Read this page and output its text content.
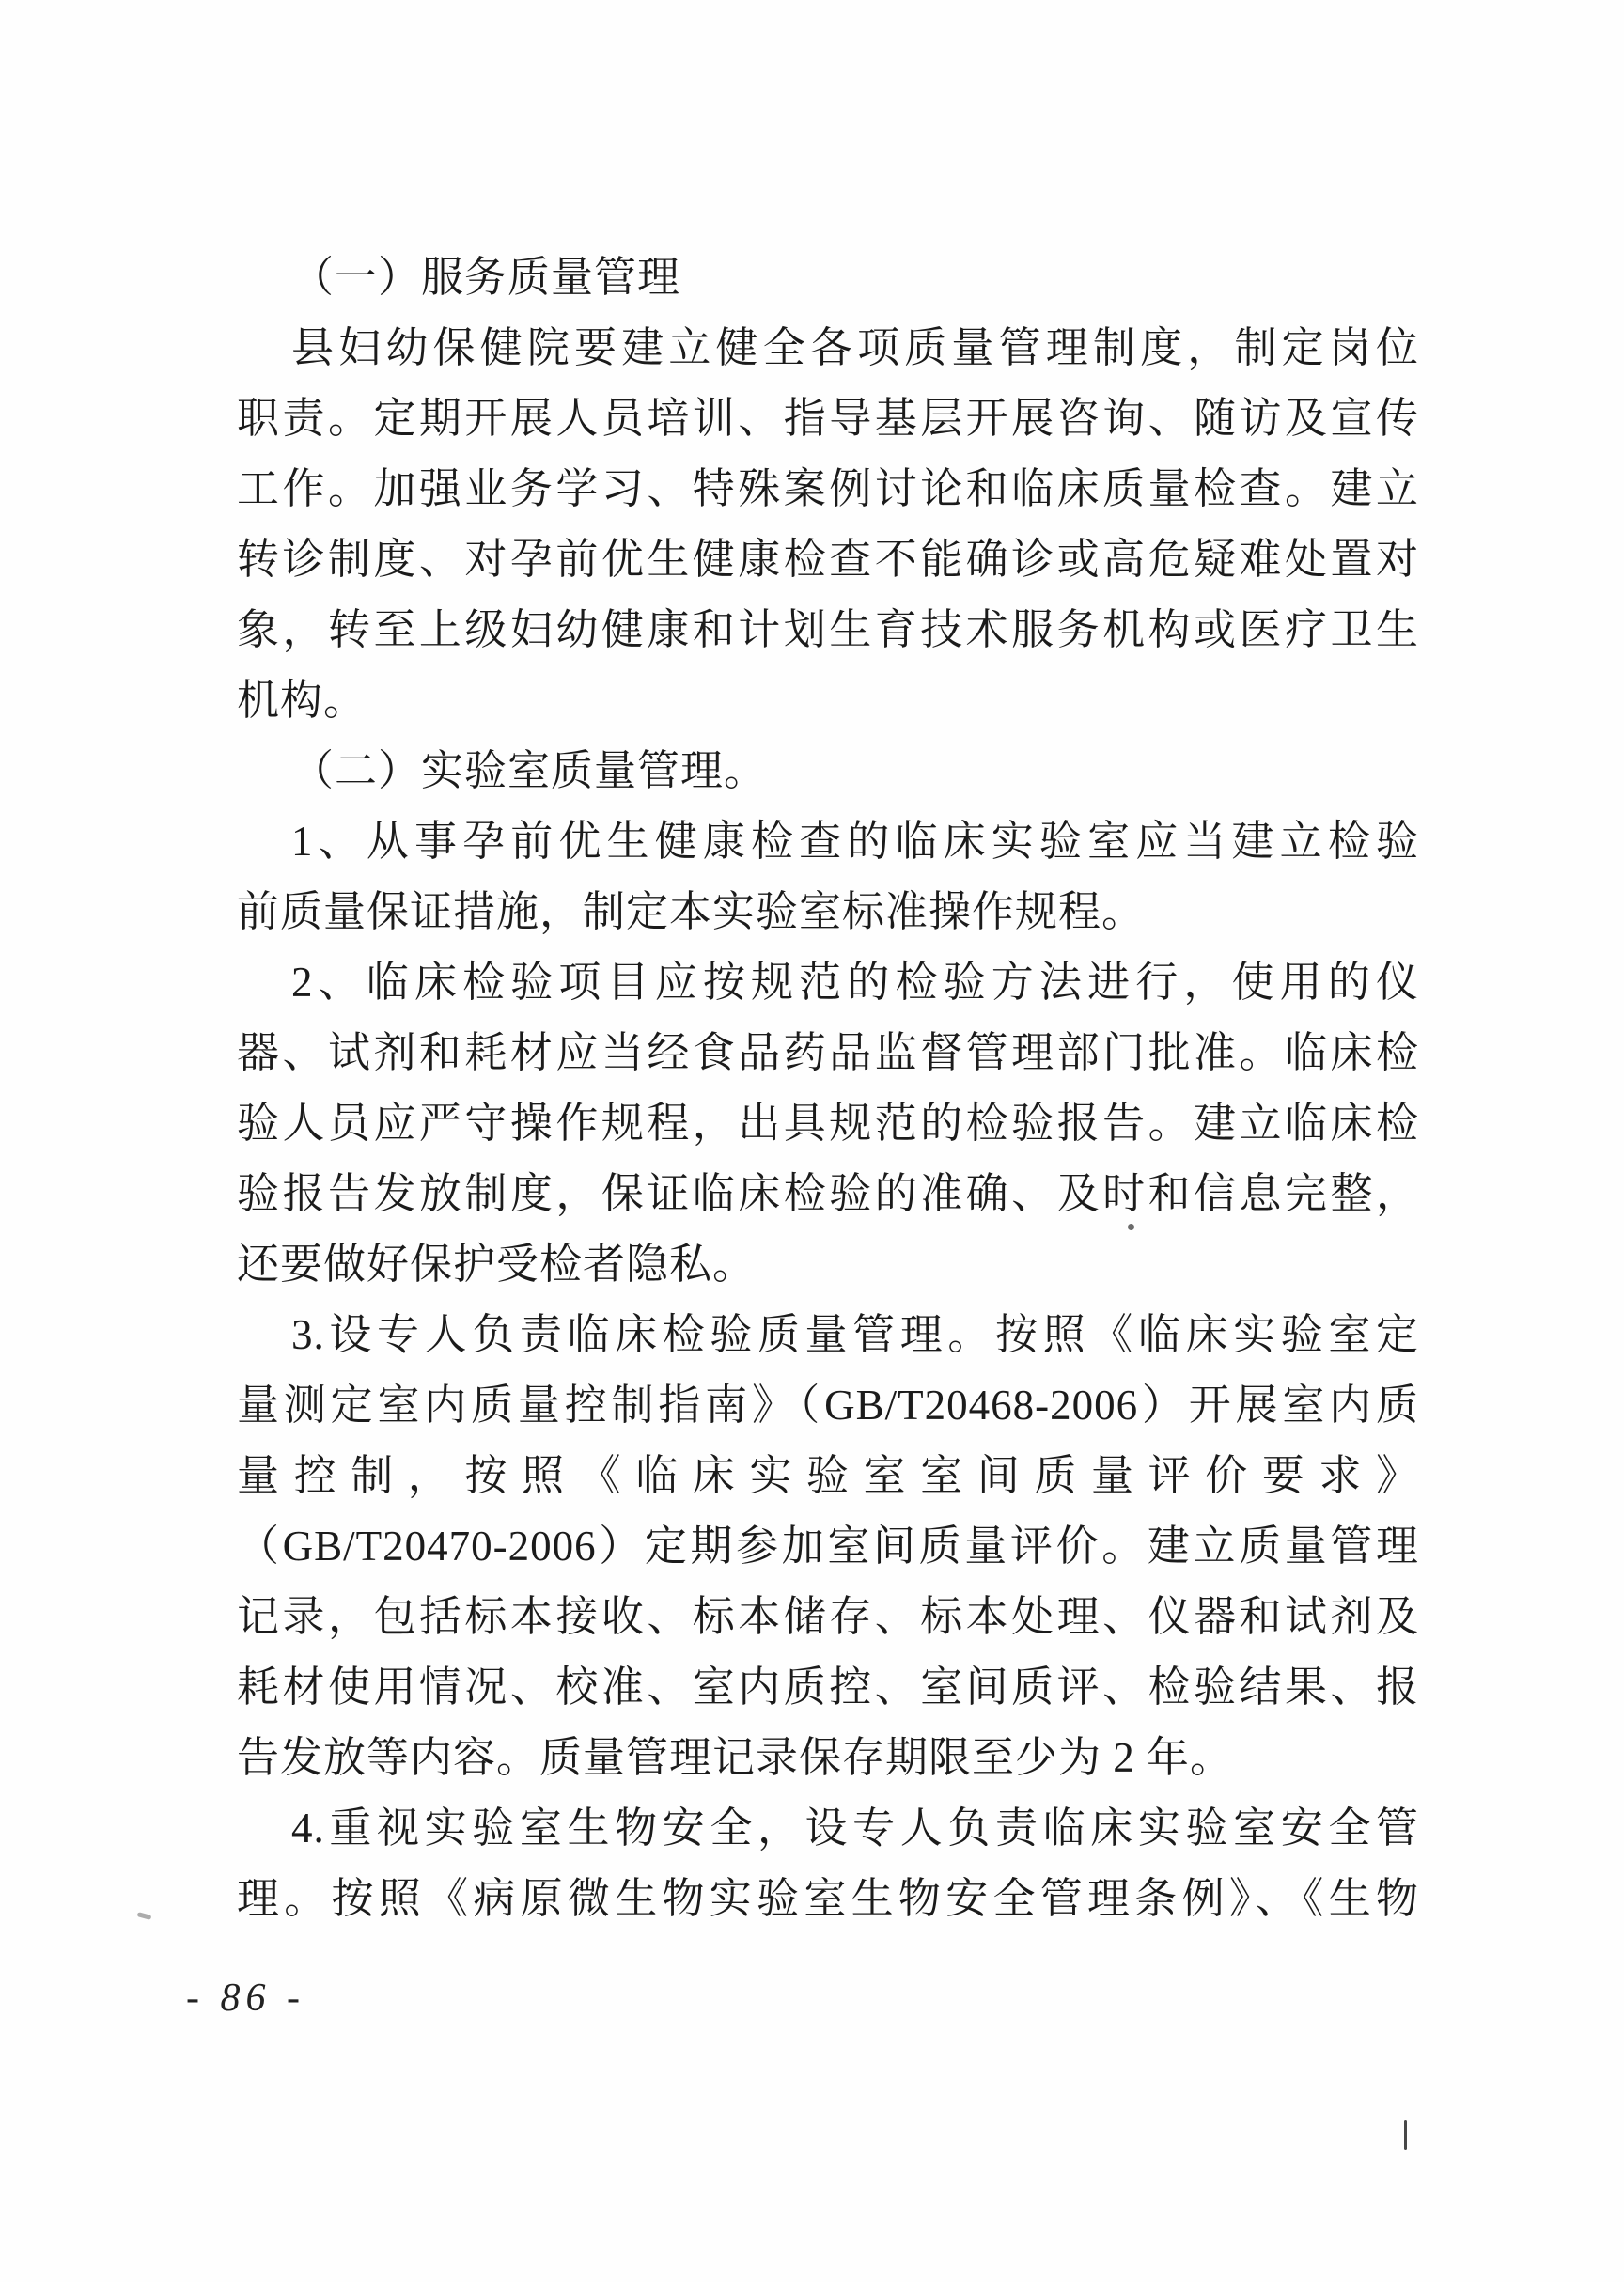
（一）服务质量管理
县妇幼保健院要建立健全各项质量管理制度，制定岗位
职责。定期开展人员培训、指导基层开展咨询、随访及宣传
工作。加强业务学习、特殊案例讨论和临床质量检查。建立
转诊制度、对孕前优生健康检查不能确诊或高危疑难处置对
象，转至上级妇幼健康和计划生育技术服务机构或医疗卫生
机构。
（二）实验室质量管理。
1、从事孕前优生健康检查的临床实验室应当建立检验
前质量保证措施，制定本实验室标准操作规程。
2、临床检验项目应按规范的检验方法进行，使用的仪
器、试剂和耗材应当经食品药品监督管理部门批准。临床检
验人员应严守操作规程，出具规范的检验报告。建立临床检
验报告发放制度，保证临床检验的准确、及时和信息完整，
还要做好保护受检者隐私。
3.设专人负责临床检验质量管理。按照《临床实验室定
量测定室内质量控制指南》（GB/T20468-2006）开展室内质
量控制，按照《临床实验室室间质量评价要求》
（GB/T20470-2006）定期参加室间质量评价。建立质量管理
记录，包括标本接收、标本储存、标本处理、仪器和试剂及
耗材使用情况、校准、室内质控、室间质评、检验结果、报
告发放等内容。质量管理记录保存期限至少为 2 年。
4.重视实验室生物安全，设专人负责临床实验室安全管
理。按照《病原微生物实验室生物安全管理条例》、《生物
- 86 -
